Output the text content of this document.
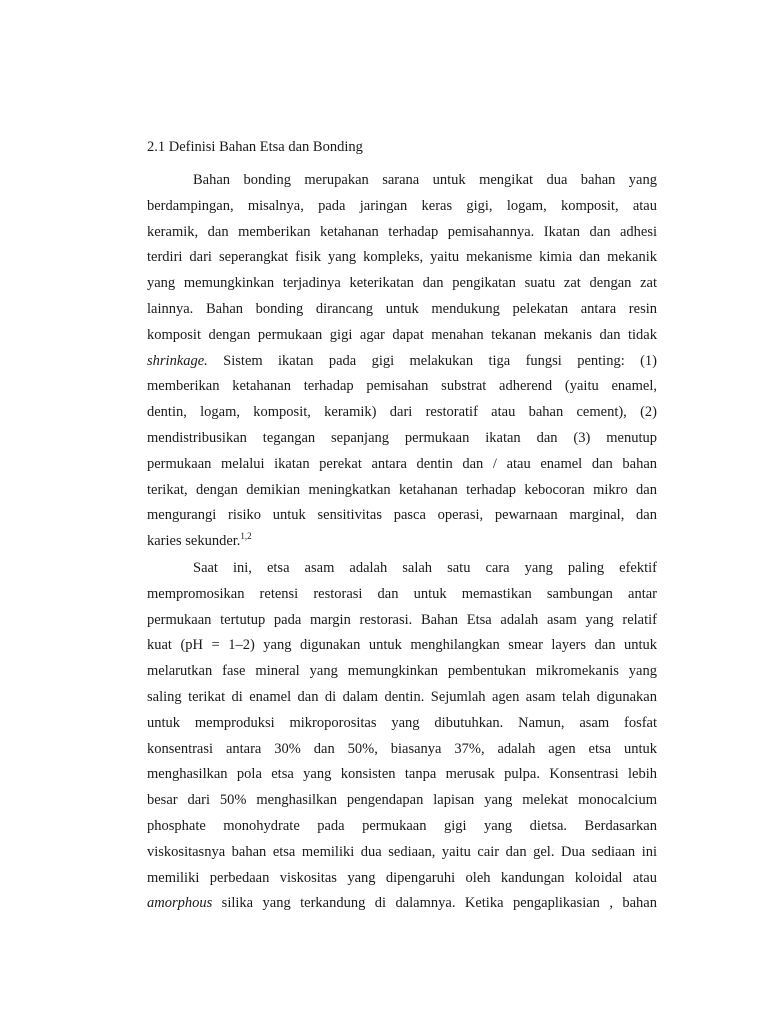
2.1 Definisi Bahan Etsa dan Bonding
Bahan bonding merupakan sarana untuk mengikat dua bahan yang
berdampingan, misalnya, pada jaringan keras gigi, logam, komposit, atau
keramik, dan memberikan ketahanan terhadap pemisahannya. Ikatan dan adhesi
terdiri dari seperangkat fisik yang kompleks, yaitu mekanisme kimia dan mekanik
yang memungkinkan terjadinya keterikatan dan pengikatan suatu zat dengan zat
lainnya. Bahan bonding dirancang untuk mendukung pelekatan antara resin
komposit dengan permukaan gigi agar dapat menahan tekanan mekanis dan tidak
shrinkage. Sistem ikatan pada gigi melakukan tiga fungsi penting: (1)
memberikan ketahanan terhadap pemisahan substrat adherend (yaitu enamel,
dentin, logam, komposit, keramik) dari restoratif atau bahan cement), (2)
mendistribusikan tegangan sepanjang permukaan ikatan dan (3) menutup
permukaan melalui ikatan perekat antara dentin dan / atau enamel dan bahan
terikat, dengan demikian meningkatkan ketahanan terhadap kebocoran mikro dan
mengurangi risiko untuk sensitivitas pasca operasi, pewarnaan marginal, dan
karies sekunder.$^{1,2}$
Saat ini, etsa asam adalah salah satu cara yang paling efektif
mempromosikan retensi restorasi dan untuk memastikan sambungan antar
permukaan tertutup pada margin restorasi. Bahan Etsa adalah asam yang relatif
kuat (pH = 1–2) yang digunakan untuk menghilangkan smear layers dan untuk
melarutkan fase mineral yang memungkinkan pembentukan mikromekanis yang
saling terikat di enamel dan di dalam dentin. Sejumlah agen asam telah digunakan
untuk memproduksi mikroporositas yang dibutuhkan. Namun, asam fosfat
konsentrasi antara 30% dan 50%, biasanya 37%, adalah agen etsa untuk
menghasilkan pola etsa yang konsisten tanpa merusak pulpa. Konsentrasi lebih
besar dari 50% menghasilkan pengendapan lapisan yang melekat monocalcium
phosphate monohydrate pada permukaan gigi yang dietsa. Berdasarkan
viskositasnya bahan etsa memiliki dua sediaan, yaitu cair dan gel. Dua sediaan ini
memiliki perbedaan viskositas yang dipengaruhi oleh kandungan koloidal atau
amorphous silika yang terkandung di dalamnya. Ketika pengaplikasian , bahan
